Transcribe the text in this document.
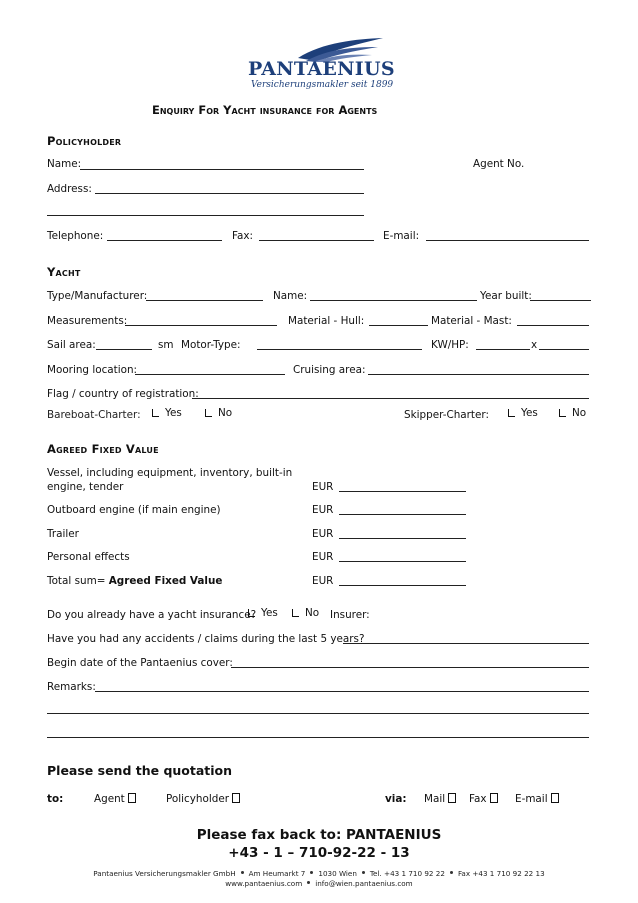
PANTAENIUS
Versicherungsmakler seit 1899
Enquiry For Yacht insurance for Agents
Policyholder
Name:	Agent No.
Address:
Telephone:	Fax:	E-mail:
Yacht
Type/Manufacturer:	Name:	Year built:
Measurements:	Material - Hull:	Material - Mast:
Sail area:	sm Motor-Type:	KW/HP:	x
Mooring location:	Cruising area:
Flag / country of registration:
Bareboat-Charter:	Yes	No	Skipper-Charter:	Yes	No
Agreed Fixed Value
Vessel, including equipment, inventory, built-in
engine, tender	EUR
Outboard engine (if main engine)	EUR
Trailer	EUR
Personal effects	EUR
Total sum= Agreed Fixed Value	EUR
Do you already have a yacht insurance? Yes	No Insurer:
Have you had any accidents / claims during the last 5 years?
Begin date of the Pantaenius cover:
Remarks:
Please send the quotation
to:	Agent	Policyholder	via: Mail	Fax	E-mail
Please fax back to: PANTAENIUS
+43 - 1 – 710-92-22 - 13
Pantaenius Versicherungsmakler GmbH Am Heumarkt 7 1030 Wien Tel. +43 1 710 92 22 Fax +43 1 710 92 22 13
www.pantaenius.com info@wien.pantaenius.com
